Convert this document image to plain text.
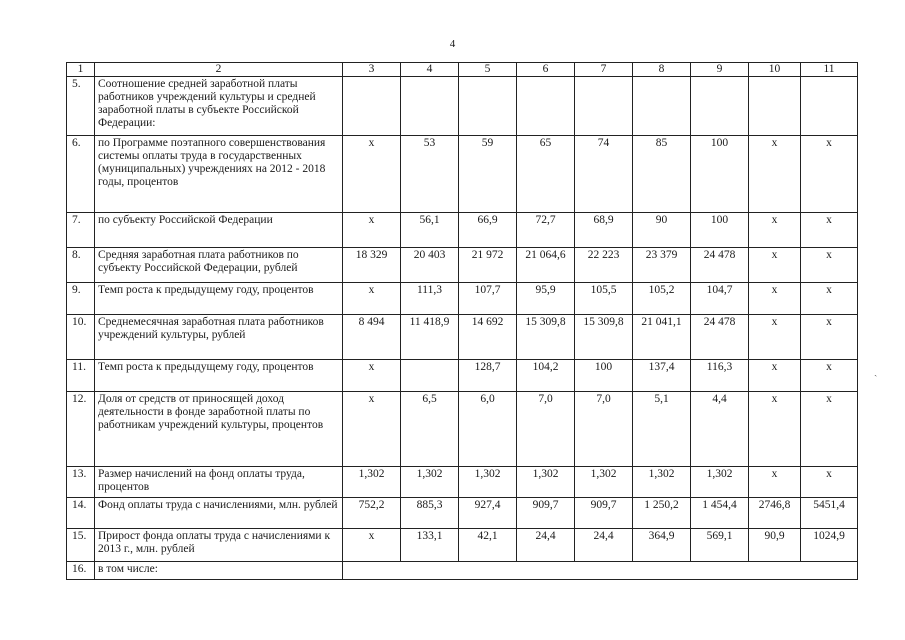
4
1	2	3	4	5	6	7	8	9	10	11
5.	Соотношение средней заработной платы работников учреждений культуры и средней заработной платы в субъекте Российской Федерации:									
6.	по Программе поэтапного совершенствования системы оплаты труда в государственных (муниципальных) учреждениях на 2012 - 2018 годы, процентов	х	53	59	65	74	85	100	х	х
7.	по субъекту Российской Федерации	х	56,1	66,9	72,7	68,9	90	100	х	х
8.	Средняя заработная плата работников по субъекту Российской Федерации, рублей	18 329	20 403	21 972	21 064,6	22 223	23 379	24 478	х	х
9.	Темп роста к предыдущему году, процентов	х	111,3	107,7	95,9	105,5	105,2	104,7	х	х
10.	Среднемесячная заработная плата работников учреждений культуры, рублей	8 494	11 418,9	14 692	15 309,8	15 309,8	21 041,1	24 478	х	х
11.	Темп роста к предыдущему году, процентов	х		128,7	104,2	100	137,4	116,3	х	х
12.	Доля от средств от приносящей доход деятельности в фонде заработной платы по работникам учреждений культуры, процентов	х	6,5	6,0	7,0	7,0	5,1	4,4	х	х
13.	Размер начислений на фонд оплаты труда, процентов	1,302	1,302	1,302	1,302	1,302	1,302	1,302	х	х
14.	Фонд оплаты труда с начислениями, млн. рублей	752,2	885,3	927,4	909,7	909,7	1 250,2	1 454,4	2746,8	5451,4
15.	Прирост фонда оплаты труда с начислениями к 2013 г., млн. рублей	х	133,1	42,1	24,4	24,4	364,9	569,1	90,9	1024,9
16.	в том числе:									
ˎ
